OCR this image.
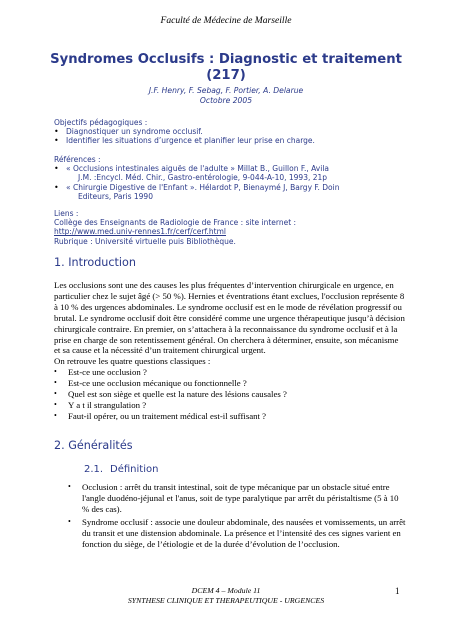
Faculté de Médecine de Marseille
Syndromes Occlusifs : Diagnostic et traitement
(217)
J.F. Henry, F. Sebag, F. Portier, A. Delarue
Octobre 2005
Objectifs pédagogiques :
• Diagnostiquer un syndrome occlusif.
• Identifier les situations d’urgence et planifier leur prise en charge.
Références :
• « Occlusions intestinales aiguës de l'adulte » Millat B., Guillon F., Avila
J.M. :Encycl. Méd. Chir., Gastro-entérologie, 9-044-A-10, 1993, 21p
• « Chirurgie Digestive de l'Enfant ». Hélardot P, Bienaymé J, Bargy F. Doin
Editeurs, Paris 1990
Liens :
Collège des Enseignants de Radiologie de France : site internet :
http://www.med.univ-rennes1.fr/cerf/cerf.html
Rubrique : Université virtuelle puis Bibliothèque.
1. Introduction

Les occlusions sont une des causes les plus fréquentes d’intervention chirurgicale en urgence, en particulier chez le sujet âgé (> 50 %). Hernies et éventrations étant exclues, l'occlusion représente 8 à 10 % des urgences abdominales. Le syndrome occlusif est en le mode de révélation progressif ou brutal. Le syndrome occlusif doit être considéré comme une urgence thérapeutique jusqu’à décision chirurgicale contraire. En premier, on s’attachera à la reconnaissance du syndrome occlusif et à la prise en charge de son retentissement général. On cherchera à déterminer, ensuite, son mécanisme et sa cause et la nécessité d’un traitement chirurgical urgent.

On retrouve les quatre questions classiques :

• Est-ce une occlusion ?
• Est-ce une occlusion mécanique ou fonctionnelle ?
• Quel est son siège et quelle est la nature des lésions causales ?
• Y a t il strangulation ?
• Faut-il opérer, ou un traitement médical est-il suffisant ?
2. Généralités
2.1. Définition
• Occlusion : arrêt du transit intestinal, soit de type mécanique par un obstacle situé entre l'angle duodéno-jéjunal et l'anus, soit de type paralytique par arrêt du péristaltisme (5 à 10 % des cas).
• Syndrome occlusif : associe une douleur abdominale, des nausées et vomissements, un arrêt du transit et une distension abdominale. La présence et l’intensité des ces signes varient en fonction du siège, de l’étiologie et de la durée d’évolution de l’occlusion.
DCEM 4 – Module 11
SYNTHESE CLINIQUE ET THERAPEUTIQUE - URGENCES
1
